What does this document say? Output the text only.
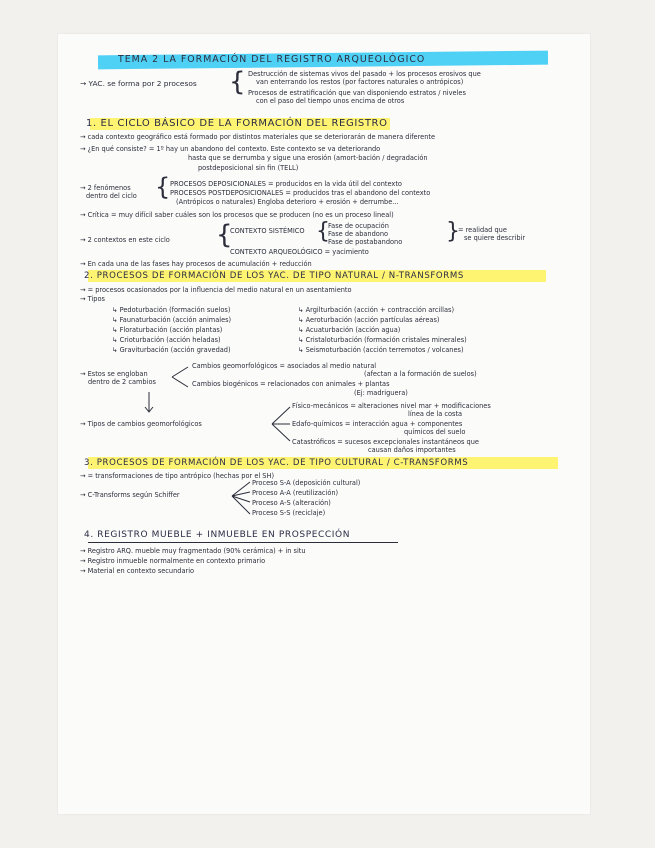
TEMA 2 LA FORMACIÓN DEL REGISTRO ARQUEOLÓGICO
→ YAC. se forma por 2 procesos { Destrucción de sistemas vivos del pasado + los procesos erosivos que
van enterrando los restos (por factores naturales o antrópicos)
Procesos de estratificación que van disponiendo estratos / niveles
con el paso del tiempo unos encima de otros
1. EL CICLO BÁSICO DE LA FORMACIÓN DEL REGISTRO
→ cada contexto geográfico está formado por distintos materiales que se deteriorarán de manera diferente
→ ¿En qué consiste? = 1º hay un abandono del contexto. Este contexto se va deteriorando
hasta que se derrumba y sigue una erosión (amort-bación / degradación
postdeposicional sin fin (TELL)
→ 2 fenómenos
dentro del ciclo { PROCESOS DEPOSICIONALES = producidos en la vida útil del contexto
PROCESOS POSTDEPOSICIONALES = producidos tras el abandono del contexto
(Antrópicos o naturales) Engloba deterioro + erosión + derrumbe...
→ Crítica = muy difícil saber cuáles son los procesos que se producen (no es un proceso lineal)
→ 2 contextos en este ciclo {
CONTEXTO SISTÉMICO {
Fase de ocupación
Fase de abandono
Fase de postabandono }
= realidad que
se quiere describir
CONTEXTO ARQUEOLÓGICO = yacimiento
→ En cada una de las fases hay procesos de acumulación + reducción
2. PROCESOS DE FORMACIÓN DE LOS YAC. DE TIPO NATURAL / N-TRANSFORMS
→ = procesos ocasionados por la influencia del medio natural en un asentamiento
→ Tipos
↳ Pedoturbación (formación suelos)
↳ Faunaturbación (acción animales)
↳ Floraturbación (acción plantas)
↳ Crioturbación (acción heladas)
↳ Graviturbación (acción gravedad)
↳ Argilturbación (acción + contracción arcillas)
↳ Aeroturbación (acción partículas aéreas)
↳ Acuaturbación (acción agua)
↳ Cristaloturbación (formación cristales minerales)
↳ Seismoturbación (acción terremotos / volcanes)
→ Estos se engloban
dentro de 2 cambios
Cambios geomorfológicos = asociados al medio natural
(afectan a la formación de suelos)
Cambios biogénicos = relacionados con animales + plantas
(Ej: madriguera)
→ Tipos de cambios geomorfológicos
Físico-mecánicos = alteraciones nivel mar + modificaciones
línea de la costa
Edafo-químicos = interacción agua + componentes
químicos del suelo
Catastróficos = sucesos excepcionales instantáneos que
causan daños importantes
3. PROCESOS DE FORMACIÓN DE LOS YAC. DE TIPO CULTURAL / C-TRANSFORMS
→ = transformaciones de tipo antrópico (hechas por el SH)
→ C-Transforms según Schiffer
Proceso S-A (deposición cultural)
Proceso A-A (reutilización)
Proceso A-S (alteración)
Proceso S-S (reciclaje)
4. REGISTRO MUEBLE + INMUEBLE EN PROSPECCIÓN
→ Registro ARQ. mueble muy fragmentado (90% cerámica) + in situ
→ Registro inmueble normalmente en contexto primario
→ Material en contexto secundario
